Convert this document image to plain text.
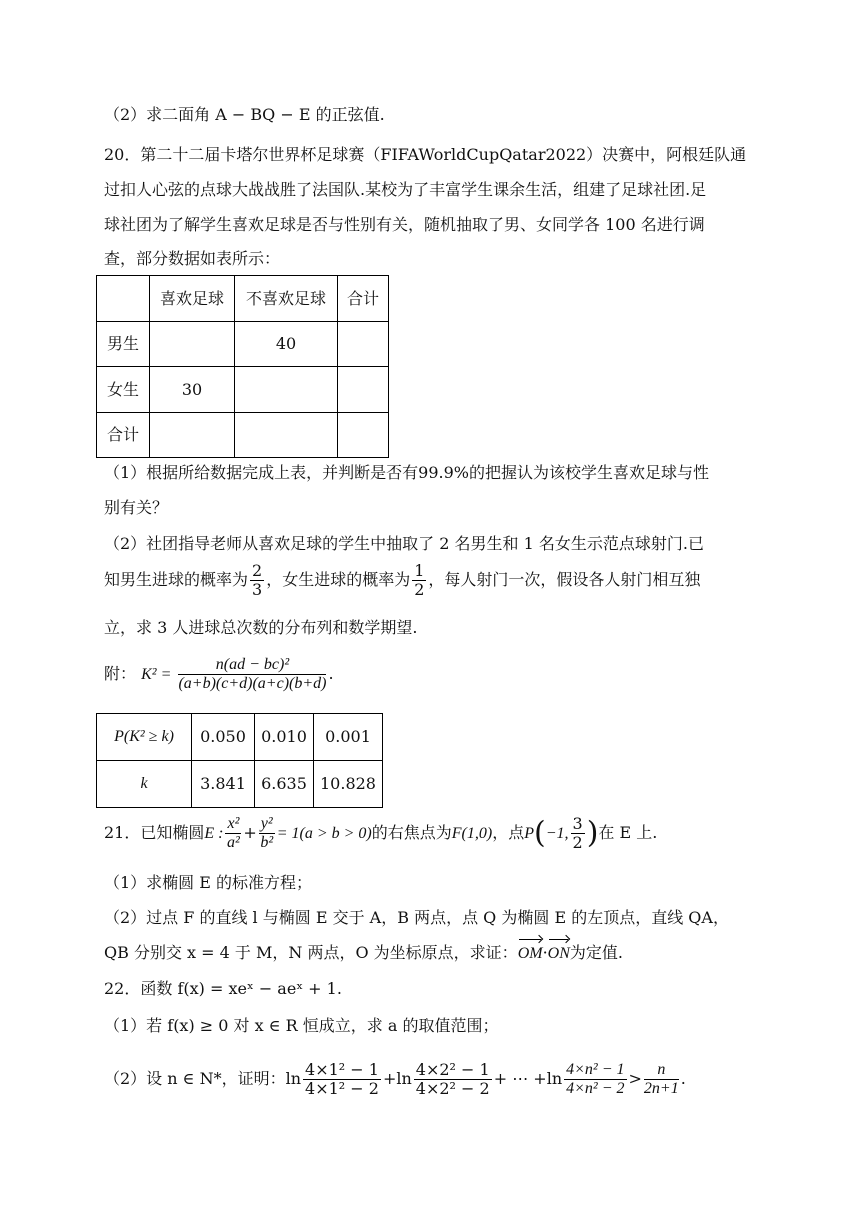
（2）求二面角 A − BQ − E 的正弦值.
20．第二十二届卡塔尔世界杯足球赛（FIFAWorldCupQatar2022）决赛中，阿根廷队通
过扣人心弦的点球大战战胜了法国队.某校为了丰富学生课余生活，组建了足球社团.足
球社团为了解学生喜欢足球是否与性别有关，随机抽取了男、女同学各 100 名进行调
查，部分数据如表所示：
	喜欢足球	不喜欢足球	合计
男生		40	
女生	30		
合计			
（1）根据所给数据完成上表，并判断是否有99.9%的把握认为该校学生喜欢足球与性
别有关？
（2）社团指导老师从喜欢足球的学生中抽取了 2 名男生和 1 名女生示范点球射门.已
知男生进球的概率为 $\frac{2}{3}$ ，女生进球的概率为 $\frac{1}{2}$ ，每人射门一次，假设各人射门相互独
立，求 3 人进球总次数的分布列和数学期望.
附： $K^2 = \frac{\text{n(ad − bc)²}}{(a+b)(c+d)(a+c)(b+d)}$ .
P(K² ≥ k)	0.050	0.010	0.001
k	3.841	6.635	10.828
21．已知椭圆E : $\frac{\text{x²}}{\text{a²}} + \frac{\text{y²}}{\text{b²}} = 1(a > b > 0)$的右焦点为F(1,0)，点P(−1, $\frac{3}{2}$ )在 E 上.
（1）求椭圆 E 的标准方程；
（2）过点 F 的直线 l 与椭圆 E 交于 A，B 两点，点 Q 为椭圆 E 的左顶点，直线 QA，
QB 分别交 x = 4 于 M，N 两点，O 为坐标原点，求证：OM·ON为定值.
22．函数 f(x) = xeˣ − aeˣ + 1.
（1）若 f(x) ≥ 0 对 x ∈ R 恒成立，求 a 的取值范围；
（2）设 n ∈ N*，证明：$\ln \frac{\text{4×1² − 1}}{\text{4×1² − 2}} +\ln \frac{\text{4×2² − 1}}{\text{4×2² − 2}}$ + ⋯ $+\ln \frac{\text{4×n² − 1}}{\text{4×n² − 2}} > \frac{n}{2n+1}$ .
